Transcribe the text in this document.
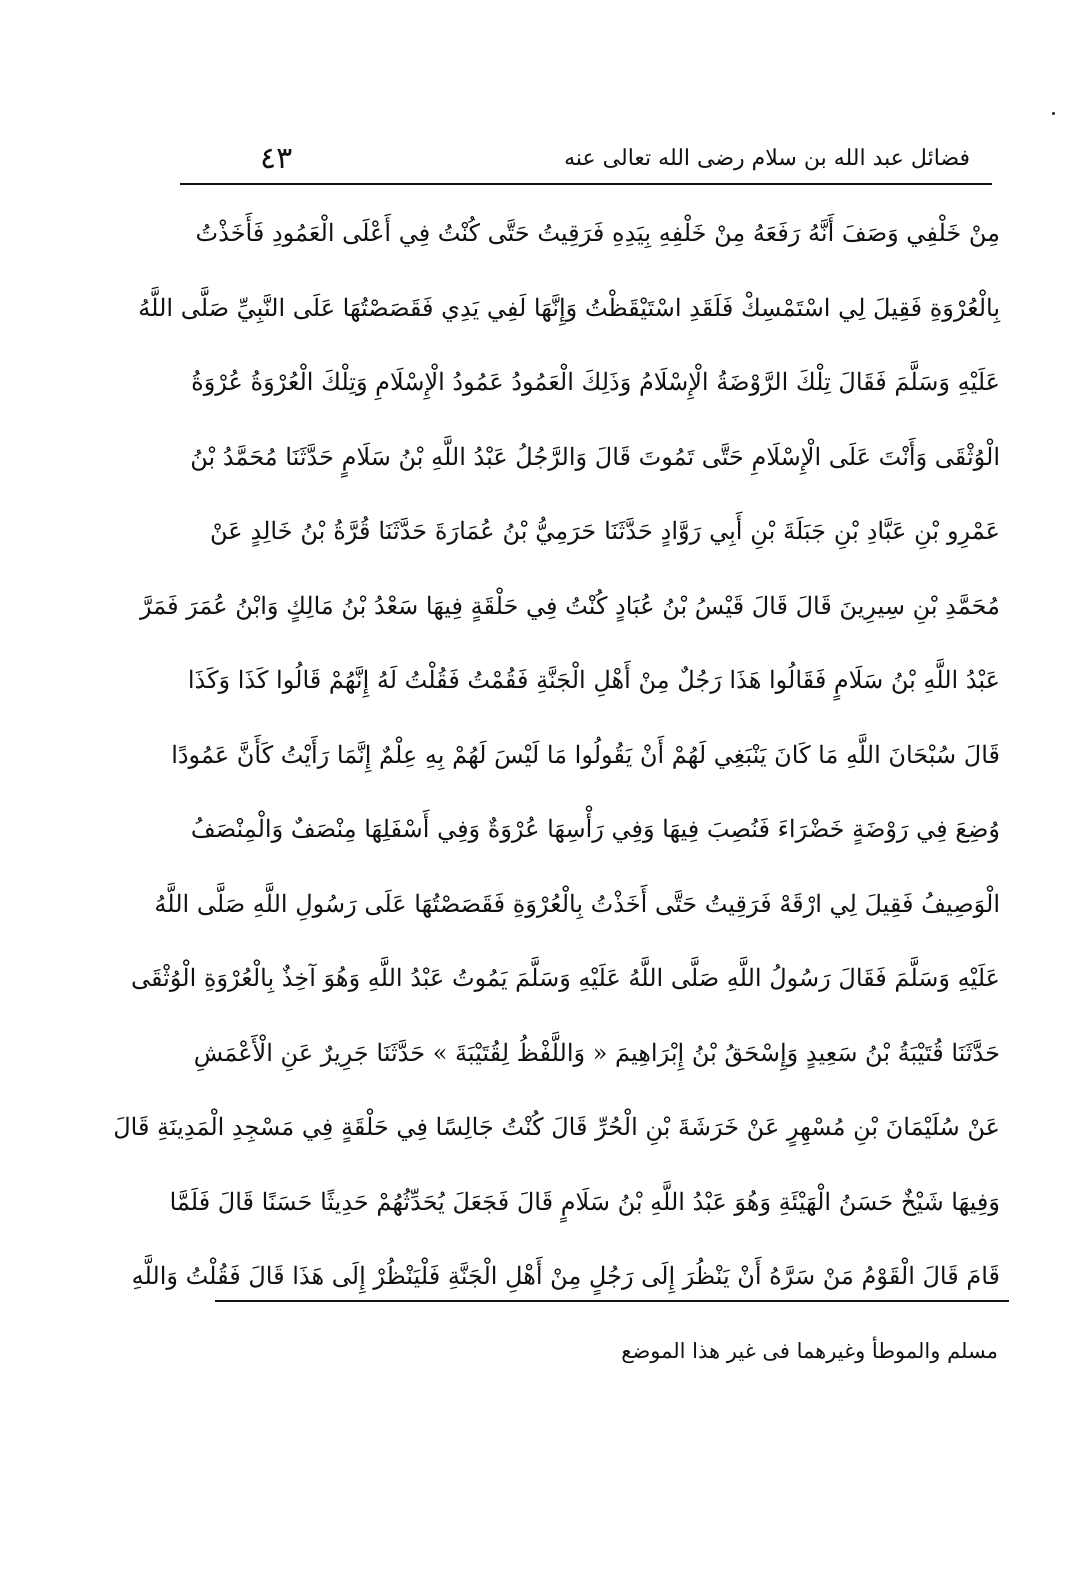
٤٣	فضائل عبد الله بن سلام رضى الله تعالى عنه
مِنْ خَلْفِي وَصَفَ أَنَّهُ رَفَعَهُ مِنْ خَلْفِهِ بِيَدِهِ فَرَقِيتُ حَتَّى كُنْتُ فِي أَعْلَى الْعَمُودِ فَأَخَذْتُ
بِالْعُرْوَةِ فَقِيلَ لِي اسْتَمْسِكْ فَلَقَدِ اسْتَيْقَظْتُ وَإِنَّهَا لَفِي يَدِي فَقَصَصْتُهَا عَلَى النَّبِيِّ صَلَّى اللَّهُ
عَلَيْهِ وَسَلَّمَ فَقَالَ تِلْكَ الرَّوْضَةُ الْإِسْلَامُ وَذَلِكَ الْعَمُودُ عَمُودُ الْإِسْلَامِ وَتِلْكَ الْعُرْوَةُ عُرْوَةُ
الْوُثْقَى وَأَنْتَ عَلَى الْإِسْلَامِ حَتَّى تَمُوتَ قَالَ وَالرَّجُلُ عَبْدُ اللَّهِ بْنُ سَلَامٍ حَدَّثَنَا مُحَمَّدُ بْنُ
عَمْرِو بْنِ عَبَّادِ بْنِ جَبَلَةَ بْنِ أَبِي رَوَّادٍ حَدَّثَنَا حَرَمِيُّ بْنُ عُمَارَةَ حَدَّثَنَا قُرَّةُ بْنُ خَالِدٍ عَنْ
مُحَمَّدِ بْنِ سِيرِينَ قَالَ قَالَ قَيْسُ بْنُ عُبَادٍ كُنْتُ فِي حَلْقَةٍ فِيهَا سَعْدُ بْنُ مَالِكٍ وَابْنُ عُمَرَ فَمَرَّ
عَبْدُ اللَّهِ بْنُ سَلَامٍ فَقَالُوا هَذَا رَجُلٌ مِنْ أَهْلِ الْجَنَّةِ فَقُمْتُ فَقُلْتُ لَهُ إِنَّهُمْ قَالُوا كَذَا وَكَذَا
قَالَ سُبْحَانَ اللَّهِ مَا كَانَ يَنْبَغِي لَهُمْ أَنْ يَقُولُوا مَا لَيْسَ لَهُمْ بِهِ عِلْمٌ إِنَّمَا رَأَيْتُ كَأَنَّ عَمُودًا
وُضِعَ فِي رَوْضَةٍ خَضْرَاءَ فَنُصِبَ فِيهَا وَفِي رَأْسِهَا عُرْوَةٌ وَفِي أَسْفَلِهَا مِنْصَفٌ وَالْمِنْصَفُ
الْوَصِيفُ فَقِيلَ لِي ارْقَهْ فَرَقِيتُ حَتَّى أَخَذْتُ بِالْعُرْوَةِ فَقَصَصْتُهَا عَلَى رَسُولِ اللَّهِ صَلَّى اللَّهُ
عَلَيْهِ وَسَلَّمَ فَقَالَ رَسُولُ اللَّهِ صَلَّى اللَّهُ عَلَيْهِ وَسَلَّمَ يَمُوتُ عَبْدُ اللَّهِ وَهُوَ آخِذٌ بِالْعُرْوَةِ الْوُثْقَى
حَدَّثَنَا قُتَيْبَةُ بْنُ سَعِيدٍ وَإِسْحَقُ بْنُ إِبْرَاهِيمَ « وَاللَّفْظُ لِقُتَيْبَةَ » حَدَّثَنَا جَرِيرٌ عَنِ الْأَعْمَشِ
عَنْ سُلَيْمَانَ بْنِ مُسْهِرٍ عَنْ خَرَشَةَ بْنِ الْحُرِّ قَالَ كُنْتُ جَالِسًا فِي حَلْقَةٍ فِي مَسْجِدِ الْمَدِينَةِ قَالَ
وَفِيهَا شَيْخٌ حَسَنُ الْهَيْئَةِ وَهُوَ عَبْدُ اللَّهِ بْنُ سَلَامٍ قَالَ فَجَعَلَ يُحَدِّثُهُمْ حَدِيثًا حَسَنًا قَالَ فَلَمَّا
قَامَ قَالَ الْقَوْمُ مَنْ سَرَّهُ أَنْ يَنْظُرَ إِلَى رَجُلٍ مِنْ أَهْلِ الْجَنَّةِ فَلْيَنْظُرْ إِلَى هَذَا قَالَ فَقُلْتُ وَاللَّهِ
مسلم والموطأ وغيرهما فى غير هذا الموضع
